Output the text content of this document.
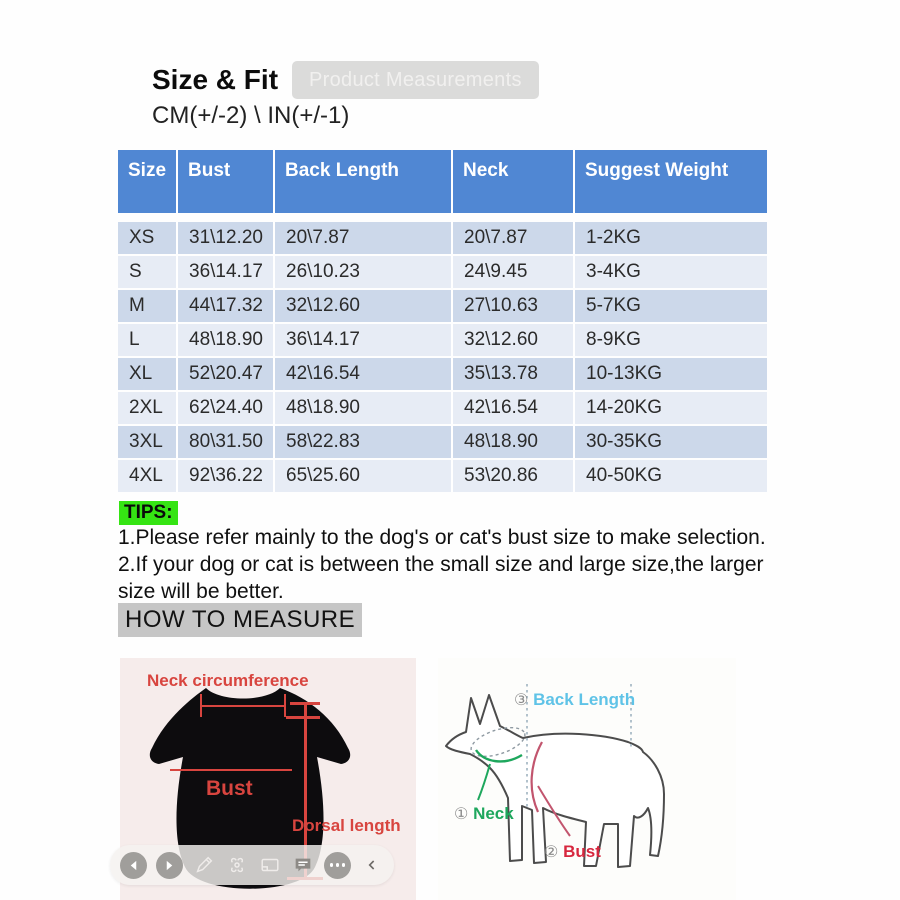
Size & Fit	Product Measurements
CM(+/-2) \ IN(+/-1)
Size	Bust	Back Length	Neck	Suggest Weight
XS	31\12.20	20\7.87	20\7.87	1-2KG
S	36\14.17	26\10.23	24\9.45	3-4KG
M	44\17.32	32\12.60	27\10.63	5-7KG
L	48\18.90	36\14.17	32\12.60	8-9KG
XL	52\20.47	42\16.54	35\13.78	10-13KG
2XL	62\24.40	48\18.90	42\16.54	14-20KG
3XL	80\31.50	58\22.83	48\18.90	30-35KG
4XL	92\36.22	65\25.60	53\20.86	40-50KG
TIPS:
1.Please refer mainly to the dog's or cat's bust size to make selection.
2.If your dog or cat is between the small size and large size,the larger size will be better.
HOW TO MEASURE
Neck circumference
Bust
Dorsal length
③ Back Length
① Neck
② Bust
